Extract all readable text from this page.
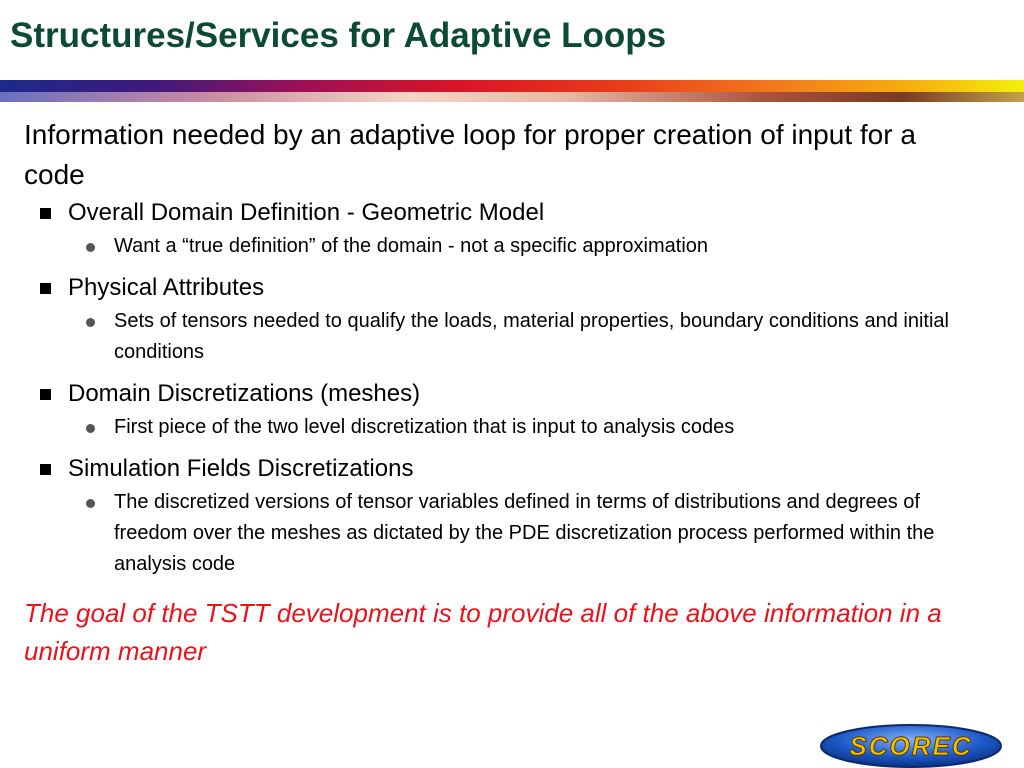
Structures/Services for Adaptive Loops
Information needed by an adaptive loop for proper creation of input for a code
Overall Domain Definition - Geometric Model
Want a “true definition” of the domain - not a specific approximation
Physical Attributes
Sets of tensors needed to qualify the loads, material properties, boundary conditions and initial conditions
Domain Discretizations (meshes)
First piece of the two level discretization that is input to analysis codes
Simulation Fields Discretizations
The discretized versions of tensor variables defined in terms of distributions and degrees of freedom over the meshes as dictated by the PDE discretization process performed within the analysis code
The goal of the TSTT development is to provide all of the above information in a uniform manner
SCOREC
